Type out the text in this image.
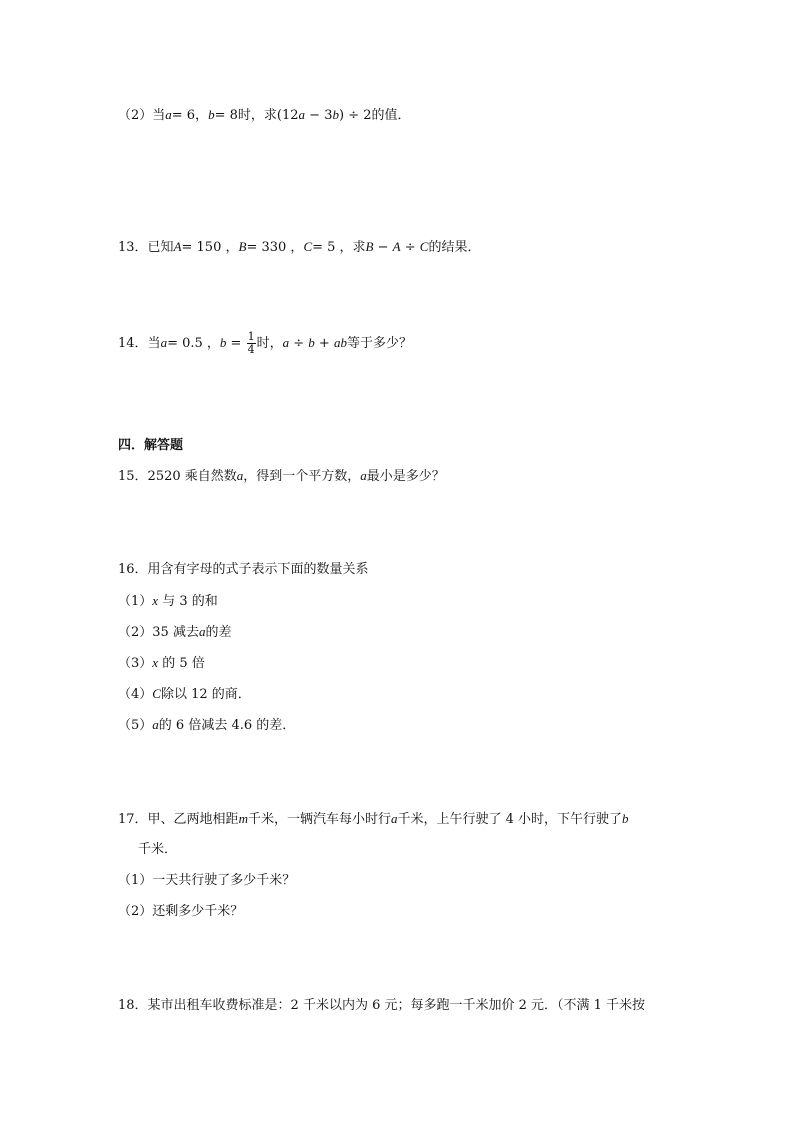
（2）当a= 6，b= 8时，求(12a − 3b) ÷ 2的值．
13．已知A= 150 ，B= 330 ，C= 5 ，求B − A ÷ C的结果．
14．当a= 0.5 ，$b = \frac{1}{4}$ 时，a ÷ b + ab等于多少？
四．解答题
15．2520 乘自然数a，得到一个平方数，a最小是多少？
16．用含有字母的式子表示下面的数量关系
（1）x 与 3 的和
（2）35 减去a的差
（3）x 的 5 倍
（4）C除以 12 的商．
（5）a的 6 倍减去 4.6 的差．
17．甲、乙两地相距m千米，一辆汽车每小时行a千米，上午行驶了 4 小时，下午行驶了b
千米．
（1）一天共行驶了多少千米？
（2）还剩多少千米？
18．某市出租车收费标准是：2 千米以内为 6 元；每多跑一千米加价 2 元．（不满 1 千米按
